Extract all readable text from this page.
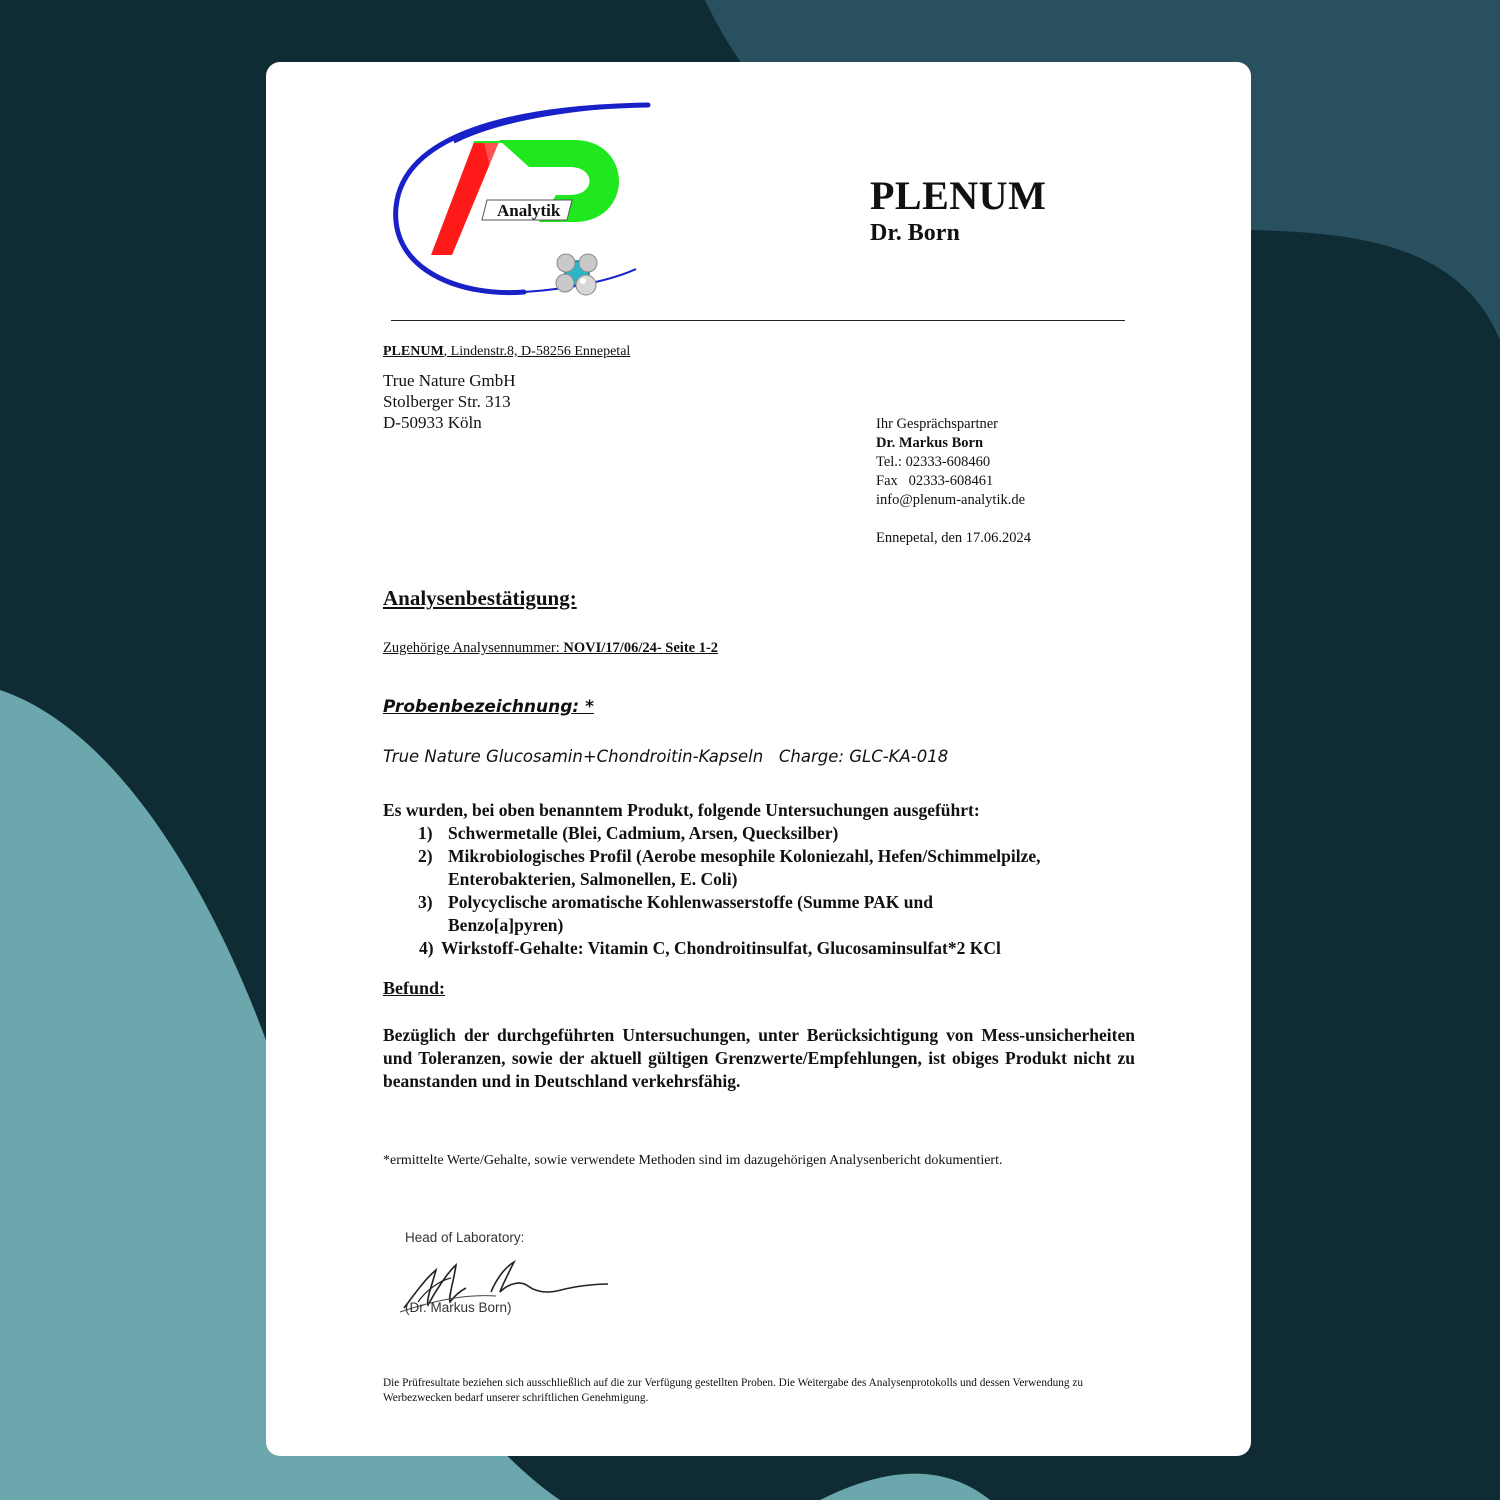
Analytik	PLENUM
Dr. Born
PLENUM, Lindenstr.8, D-58256 Ennepetal
True Nature GmbH
Stolberger Str. 313
D-50933 Köln	Ihr Gesprächspartner
Dr. Markus Born
Tel.: 02333-608460
Fax   02333-608461
info@plenum-analytik.de
Ennepetal, den 17.06.2024
Analysenbestätigung:
Zugehörige Analysennummer: NOVI/17/06/24- Seite 1-2
Probenbezeichnung: *
True Nature Glucosamin+Chondroitin-Kapseln   Charge: GLC-KA-018
Es wurden, bei oben benanntem Produkt, folgende Untersuchungen ausgeführt:
1) Schwermetalle (Blei, Cadmium, Arsen, Quecksilber)
2) Mikrobiologisches Profil (Aerobe mesophile Koloniezahl, Hefen/Schimmelpilze, Enterobakterien, Salmonellen, E. Coli)
3) Polycyclische aromatische Kohlenwasserstoffe (Summe PAK und Benzo[a]pyren)
4) Wirkstoff-Gehalte: Vitamin C, Chondroitinsulfat, Glucosaminsulfat*2 KCl
Befund:
Bezüglich der durchgeführten Untersuchungen, unter Berücksichtigung von Mess-unsicherheiten und Toleranzen, sowie der aktuell gültigen Grenzwerte/Empfehlungen, ist obiges Produkt nicht zu beanstanden und in Deutschland verkehrsfähig.
*ermittelte Werte/Gehalte, sowie verwendete Methoden sind im dazugehörigen Analysenbericht dokumentiert.
Head of Laboratory:
(Dr. Markus Born)
Die Prüfresultate beziehen sich ausschließlich auf die zur Verfügung gestellten Proben. Die Weitergabe des Analysenprotokolls und dessen Verwendung zu Werbezwecken bedarf unserer schriftlichen Genehmigung.
